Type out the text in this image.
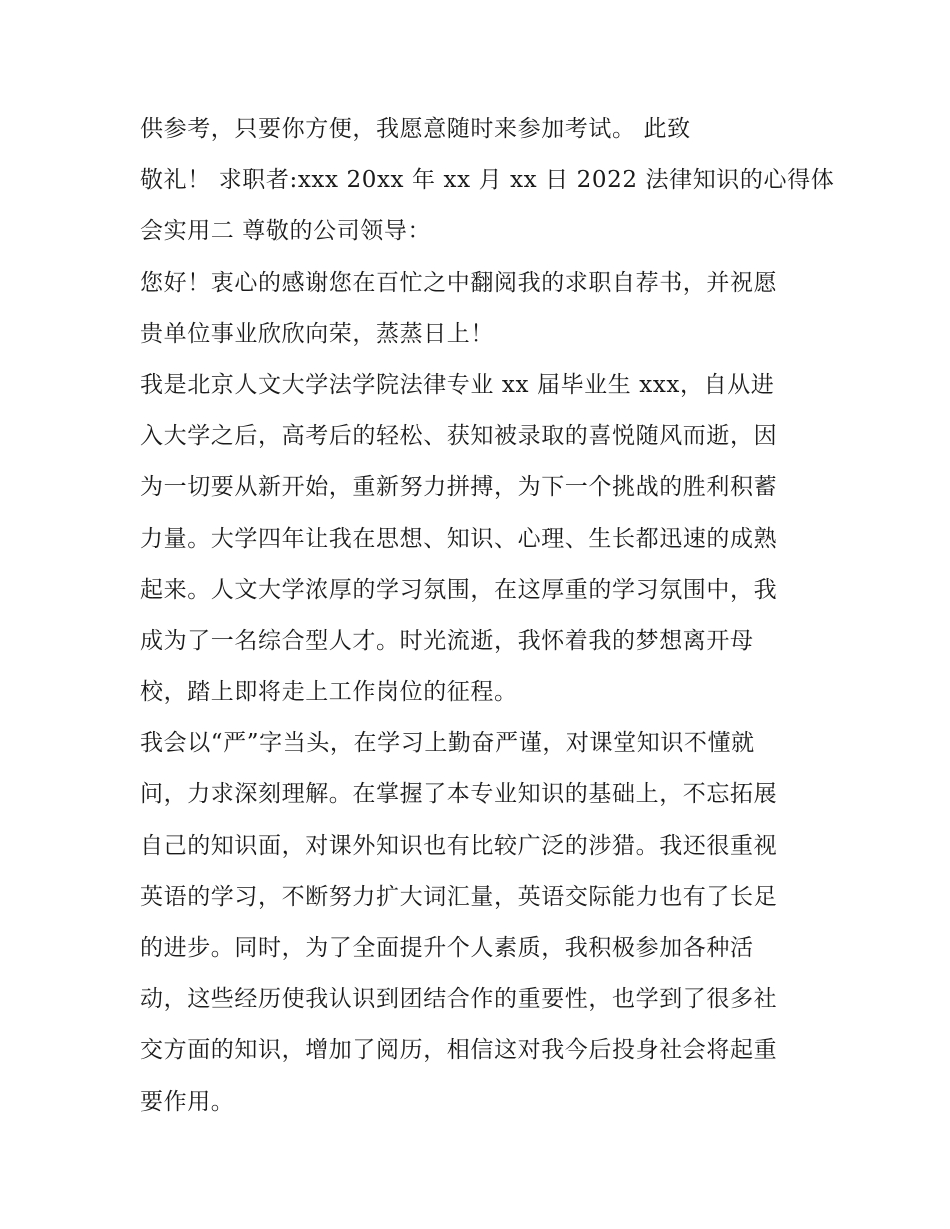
供参考，只要你方便，我愿意随时来参加考试。 此致
敬礼！ 求职者:xxx 20xx 年 xx 月 xx 日 2022 法律知识的心得体
会实用二 尊敬的公司领导：
您好！衷心的感谢您在百忙之中翻阅我的求职自荐书，并祝愿
贵单位事业欣欣向荣，蒸蒸日上！
我是北京人文大学法学院法律专业 xx 届毕业生 xxx，自从进
入大学之后，高考后的轻松、获知被录取的喜悦随风而逝，因
为一切要从新开始，重新努力拼搏，为下一个挑战的胜利积蓄
力量。大学四年让我在思想、知识、心理、生长都迅速的成熟
起来。人文大学浓厚的学习氛围，在这厚重的学习氛围中，我
成为了一名综合型人才。时光流逝，我怀着我的梦想离开母
校，踏上即将走上工作岗位的征程。
我会以“严”字当头，在学习上勤奋严谨，对课堂知识不懂就
问，力求深刻理解。在掌握了本专业知识的基础上，不忘拓展
自己的知识面，对课外知识也有比较广泛的涉猎。我还很重视
英语的学习，不断努力扩大词汇量，英语交际能力也有了长足
的进步。同时，为了全面提升个人素质，我积极参加各种活
动，这些经历使我认识到团结合作的重要性，也学到了很多社
交方面的知识，增加了阅历，相信这对我今后投身社会将起重
要作用。
